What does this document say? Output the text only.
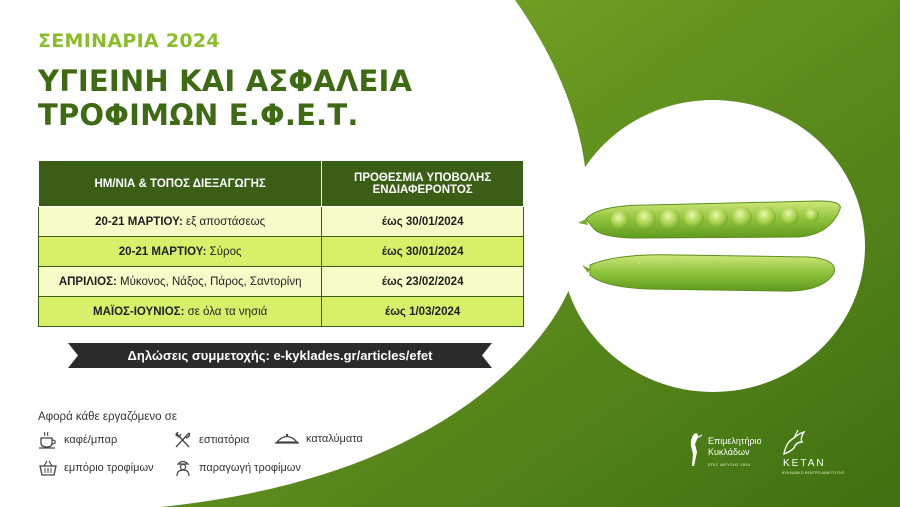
ΣΕΜΙΝΑΡΙΑ 2024
ΥΓΙΕΙΝΗ ΚΑΙ ΑΣΦΑΛΕΙΑ
ΤΡΟΦΙΜΩΝ Ε.Φ.Ε.Τ.
ΗΜ/ΝΙΑ & ΤΟΠΟΣ ΔΙΕΞΑΓΩΓΗΣ	ΠΡΟΘΕΣΜΙΑ ΥΠΟΒΟΛΗΣ
ΕΝΔΙΑΦΕΡΟΝΤΟΣ

20-21 ΜΑΡΤΙΟΥ: εξ αποστάσεως	έως 30/01/2024
20-21 ΜΑΡΤΙΟΥ: Σύρος	έως 30/01/2024
ΑΠΡΙΛΙΟΣ: Μύκονος, Νάξος, Πάρος, Σαντορίνη	έως 23/02/2024
ΜΑΪΟΣ-ΙΟΥΝΙΟΣ: σε όλα τα νησιά	έως 1/03/2024
Δηλώσεις συμμετοχής: e-kyklades.gr/articles/efet
Αφορά κάθε εργαζόμενο σε
καφέ/μπαρ	εστιατόρια	καταλύματα
εμπόριο τροφίμων	παραγωγή τροφίμων
Επιμελητήριο
Κυκλάδων
ΕΠΙΣ ΙΔΡΥΣΗΣ 1914	KETAN
ΚΥΚΛΑΔΙΚΟ ΚΕΝΤΡΟ ΑΝΑΠΤΥΞΗΣ
